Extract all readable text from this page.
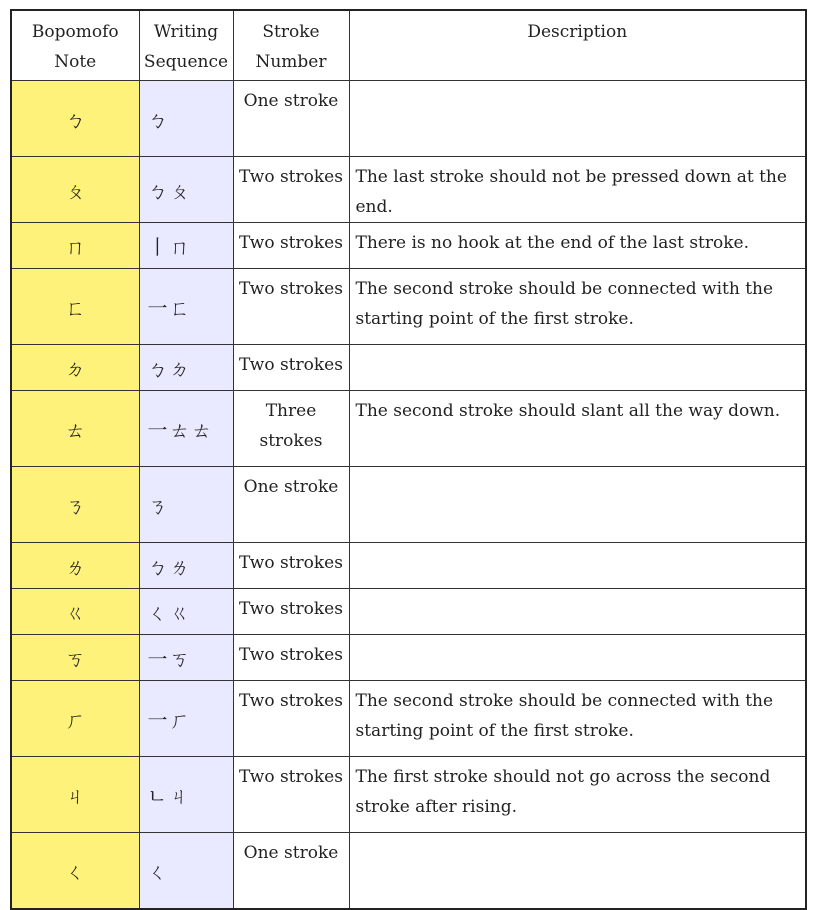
Bopomofo Note	Writing Sequence	Stroke Number	Description
ㄅ	ㄅ	One stroke	
ㄆ	ㄅㄆ	Two strokes	The last stroke should not be pressed down at the end.
ㄇ	丨ㄇ	Two strokes	There is no hook at the end of the last stroke.
ㄈ	一ㄈ	Two strokes	The second stroke should be connected with the starting point of the first stroke.
ㄉ	ㄅㄉ	Two strokes	
ㄊ	一ㄊㄊ	Three strokes	The second stroke should slant all the way down.
ㄋ	ㄋ	One stroke	
ㄌ	ㄅㄌ	Two strokes	
ㄍ	ㄑㄍ	Two strokes	
ㄎ	一ㄎ	Two strokes	
ㄏ	一ㄏ	Two strokes	The second stroke should be connected with the starting point of the first stroke.
ㄐ	ㄴㄐ	Two strokes	The first stroke should not go across the second stroke after rising.
ㄑ	ㄑ	One stroke	
